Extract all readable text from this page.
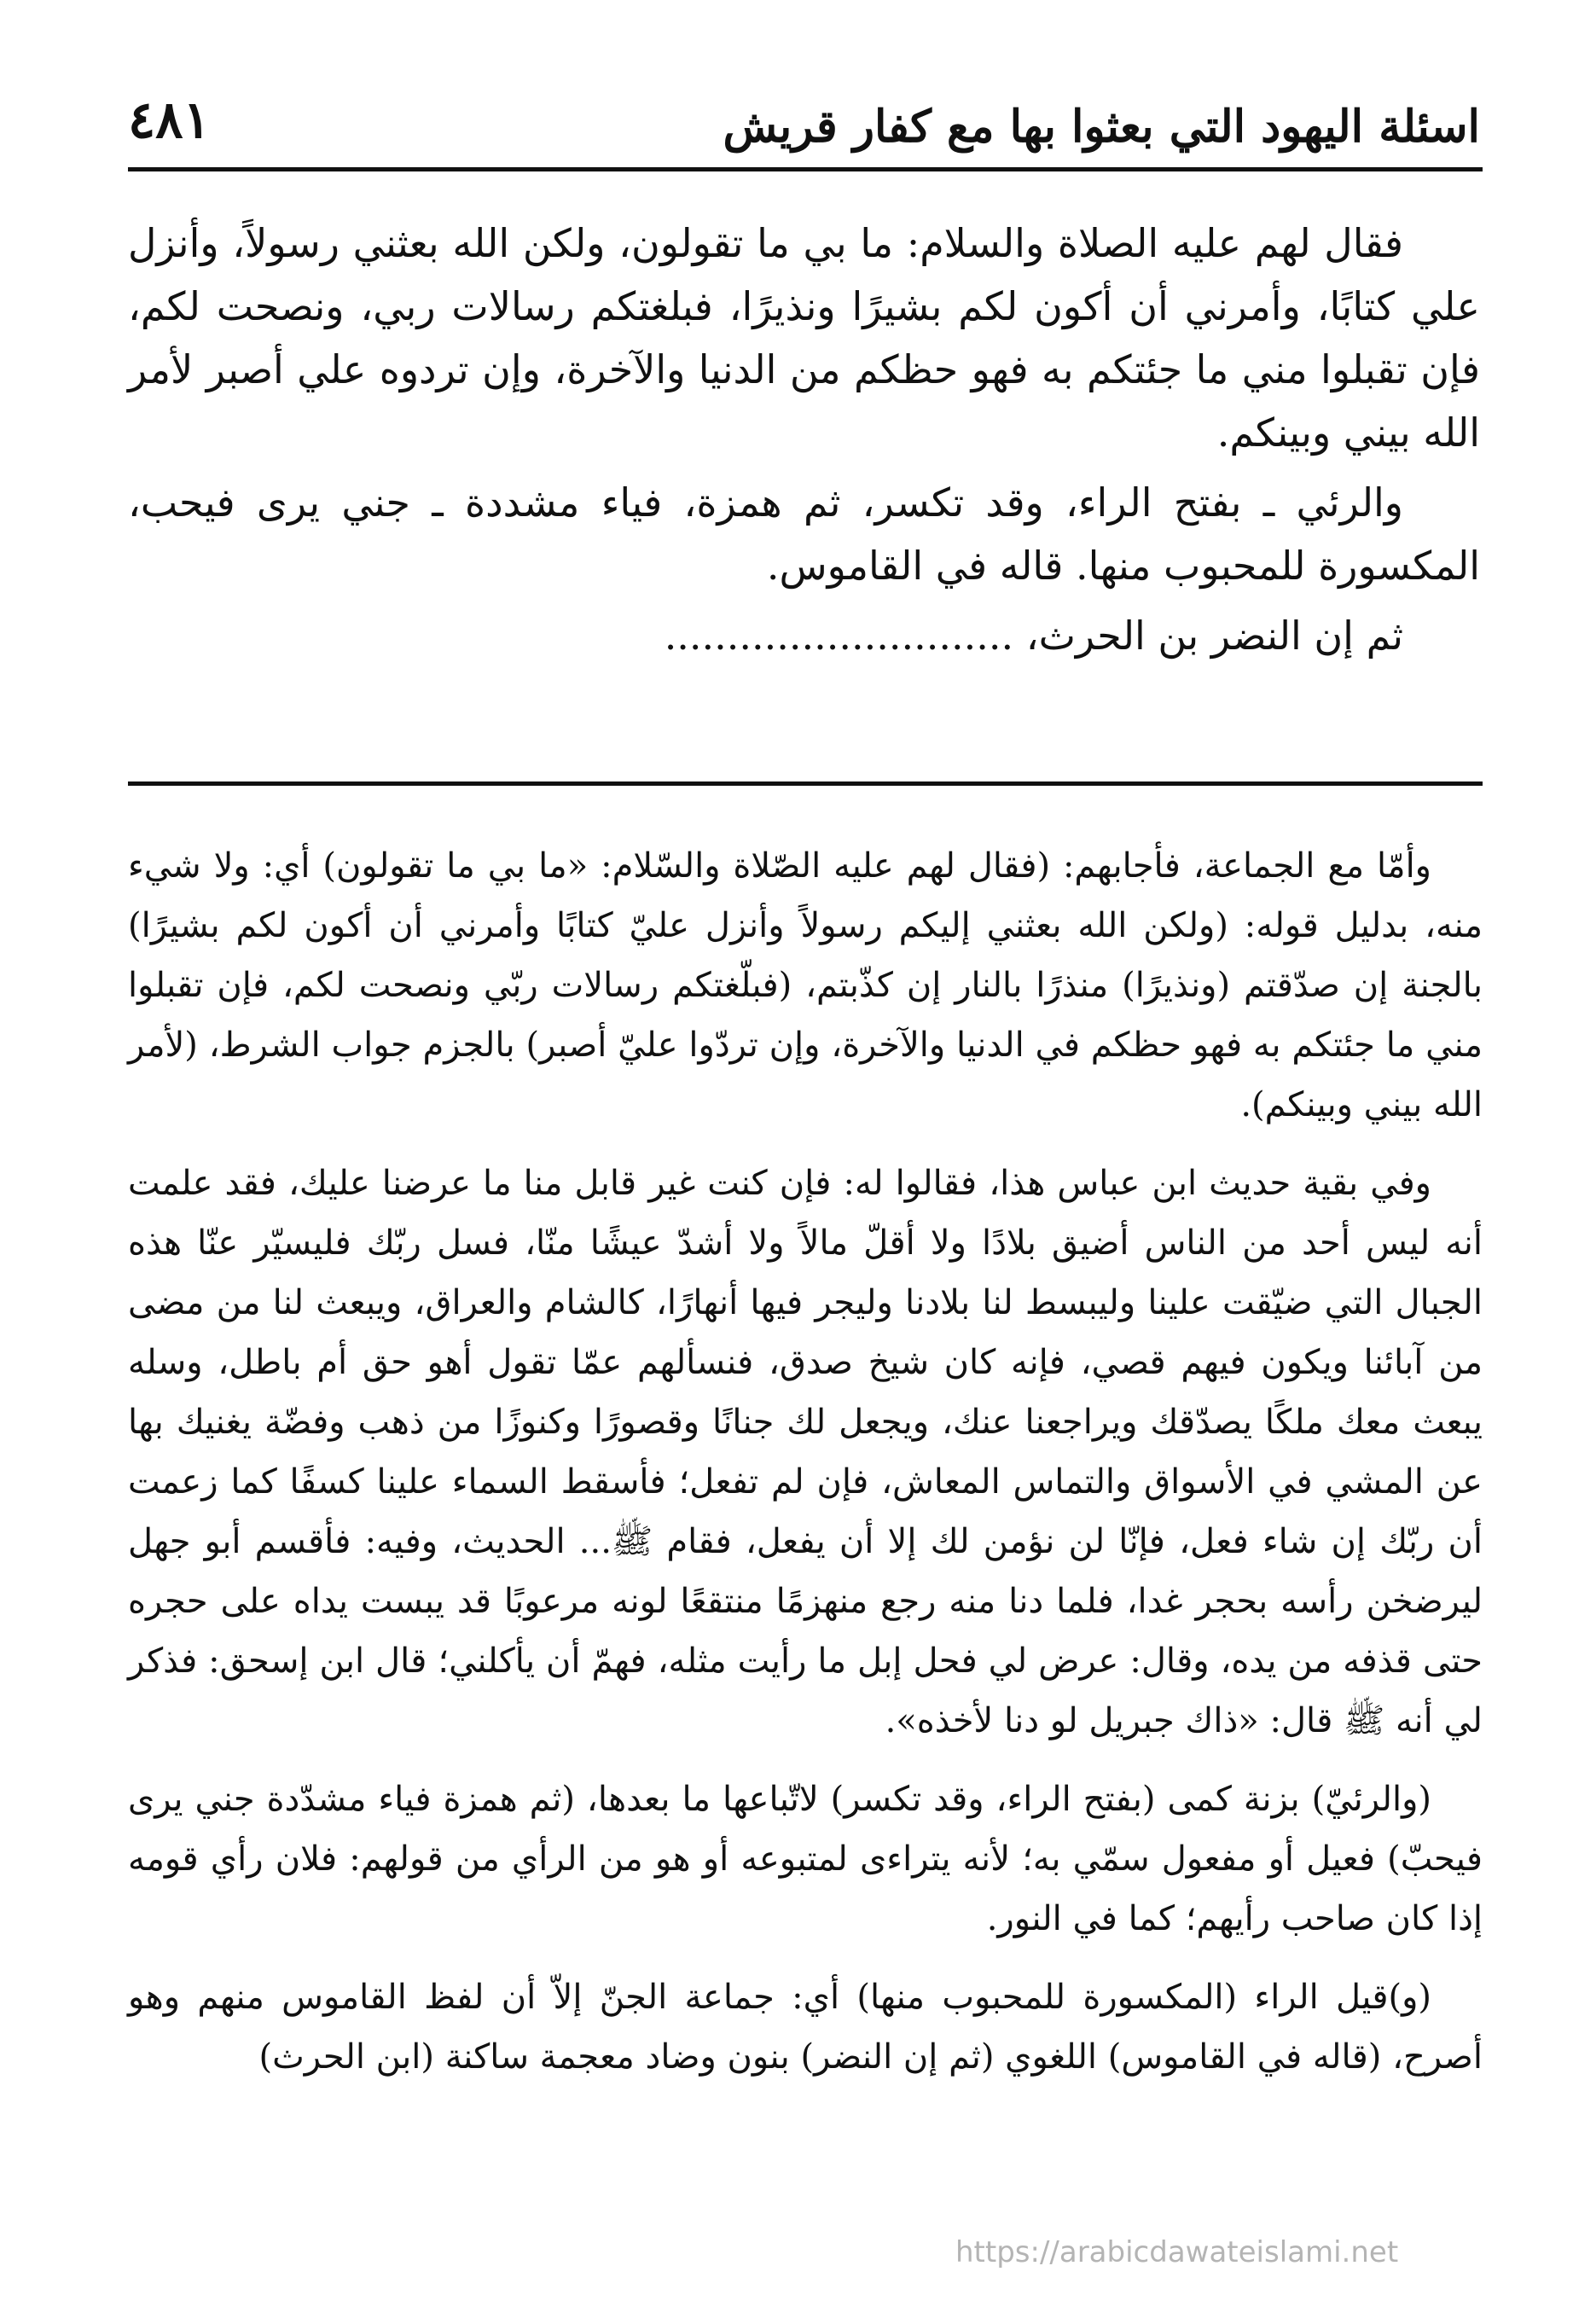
اسئلة اليهود التي بعثوا بها مع كفار قريش
٤٨١

فقال لهم عليه الصلاة والسلام: ما بي ما تقولون، ولكن الله بعثني رسولاً، وأنزل علي كتابًا، وأمرني أن أكون لكم بشيرًا ونذيرًا، فبلغتكم رسالات ربي، ونصحت لكم، فإن تقبلوا مني ما جئتكم به فهو حظكم من الدنيا والآخرة، وإن تردوه علي أصبر لأمر الله بيني وبينكم.

والرئي ـ بفتح الراء، وقد تكسر، ثم همزة، فياء مشددة ـ جني يرى فيحب، المكسورة للمحبوب منها. قاله في القاموس.

ثم إن النضر بن الحرث، ............................

وأمّا مع الجماعة، فأجابهم: (فقال لهم عليه الصّلاة والسّلام: «ما بي ما تقولون) أي: ولا شيء منه، بدليل قوله: (ولكن الله بعثني إليكم رسولاً وأنزل عليّ كتابًا وأمرني أن أكون لكم بشيرًا) بالجنة إن صدّقتم (ونذيرًا) منذرًا بالنار إن كذّبتم، (فبلّغتكم رسالات ربّي ونصحت لكم، فإن تقبلوا مني ما جئتكم به فهو حظكم في الدنيا والآخرة، وإن تردّوا عليّ أصبر) بالجزم جواب الشرط، (لأمر الله بيني وبينكم).

وفي بقية حديث ابن عباس هذا، فقالوا له: فإن كنت غير قابل منا ما عرضنا عليك، فقد علمت أنه ليس أحد من الناس أضيق بلادًا ولا أقلّ مالاً ولا أشدّ عيشًا منّا، فسل ربّك فليسيّر عنّا هذه الجبال التي ضيّقت علينا وليبسط لنا بلادنا وليجر فيها أنهارًا، كالشام والعراق، ويبعث لنا من مضى من آبائنا ويكون فيهم قصي، فإنه كان شيخ صدق، فنسألهم عمّا تقول أهو حق أم باطل، وسله يبعث معك ملكًا يصدّقك ويراجعنا عنك، ويجعل لك جنانًا وقصورًا وكنوزًا من ذهب وفضّة يغنيك بها عن المشي في الأسواق والتماس المعاش، فإن لم تفعل؛ فأسقط السماء علينا كسفًا كما زعمت أن ربّك إن شاء فعل، فإنّا لن نؤمن لك إلا أن يفعل، فقام ﷺ... الحديث، وفيه: فأقسم أبو جهل ليرضخن رأسه بحجر غدا، فلما دنا منه رجع منهزمًا منتقعًا لونه مرعوبًا قد يبست يداه على حجره حتى قذفه من يده، وقال: عرض لي فحل إبل ما رأيت مثله، فهمّ أن يأكلني؛ قال ابن إسحق: فذكر لي أنه ﷺ قال: «ذاك جبريل لو دنا لأخذه».

(والرئيّ) بزنة كمى (بفتح الراء، وقد تكسر) لاتّباعها ما بعدها، (ثم همزة فياء مشدّدة جني يرى فيحبّ) فعيل أو مفعول سمّي به؛ لأنه يتراءى لمتبوعه أو هو من الرأي من قولهم: فلان رأي قومه إذا كان صاحب رأيهم؛ كما في النور.

(و)قيل الراء (المكسورة للمحبوب منها) أي: جماعة الجنّ إلاّ أن لفظ القاموس منهم وهو أصرح، (قاله في القاموس) اللغوي (ثم إن النضر) بنون وضاد معجمة ساكنة (ابن الحرث)

https://arabicdawateislami.net
